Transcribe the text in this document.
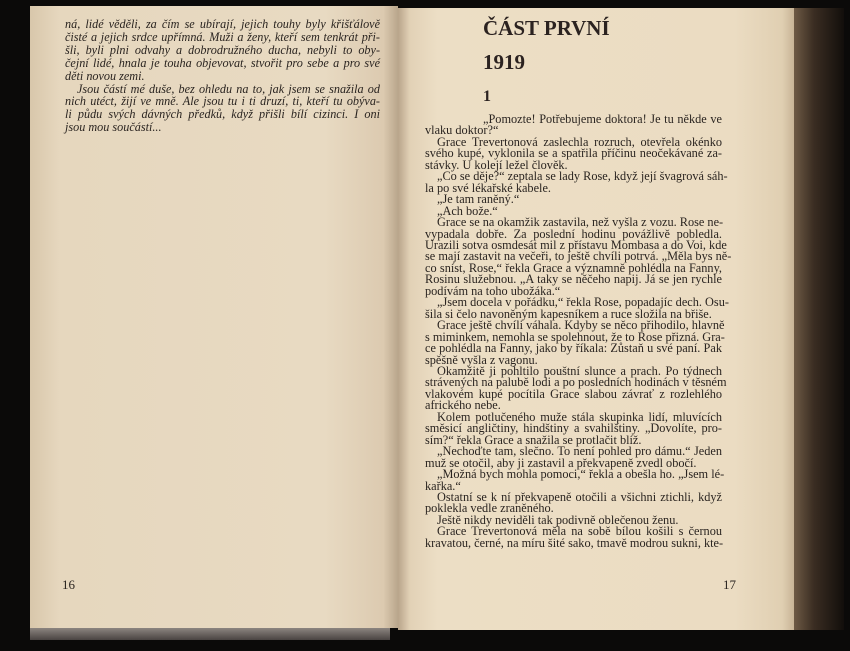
ná, lidé věděli, za čím se ubírají, jejich touhy byly křišťálově
čisté a jejich srdce upřímná. Muži a ženy, kteří sem tenkrát při-
šli, byli plni odvahy a dobrodružného ducha, nebyli to oby-
čejní lidé, hnala je touha objevovat, stvořit pro sebe a pro své
děti novou zemi.
Jsou částí mé duše, bez ohledu na to, jak jsem se snažila od
nich utéct, žijí ve mně. Ale jsou tu i ti druzí, ti, kteří tu obýva-
li půdu svých dávných předků, když přišli bílí cizinci. I oni
jsou mou součástí...
16
ČÁST PRVNÍ
1919
1
„Pomozte! Potřebujeme doktora! Je tu někde ve
vlaku doktor?“
Grace Trevertonová zaslechla rozruch, otevřela okénko
svého kupé, vyklonila se a spatřila příčinu neočekávané za-
stávky. U kolejí ležel člověk.
„Co se děje?“ zeptala se lady Rose, když její švagrová sáh-
la po své lékařské kabele.
„Je tam raněný.“
„Ach bože.“
Grace se na okamžik zastavila, než vyšla z vozu. Rose ne-
vypadala dobře. Za poslední hodinu povážlivě pobledla.
Urazili sotva osmdesát mil z přístavu Mombasa a do Voi, kde
se mají zastavit na večeři, to ještě chvíli potrvá. „Měla bys ně-
co sníst, Rose,“ řekla Grace a významně pohlédla na Fanny,
Rosinu služebnou. „A taky se něčeho napij. Já se jen rychle
podívám na toho ubožáka.“
„Jsem docela v pořádku,“ řekla Rose, popadajíc dech. Osu-
šila si čelo navoněným kapesníkem a ruce složila na břiše.
Grace ještě chvíli váhala. Kdyby se něco přihodilo, hlavně
s miminkem, nemohla se spolehnout, že to Rose přizná. Gra-
ce pohlédla na Fanny, jako by říkala: Zůstaň u své paní. Pak
spěšně vyšla z vagonu.
Okamžitě ji pohltilo pouštní slunce a prach. Po týdnech
strávených na palubě lodi a po posledních hodinách v těsném
vlakovém kupé pocítila Grace slabou závrať z rozlehlého
afrického nebe.
Kolem potlučeného muže stála skupinka lidí, mluvících
směsicí angličtiny, hindštiny a svahilštiny. „Dovolíte, pro-
sím?“ řekla Grace a snažila se protlačit blíž.
„Nechoďte tam, slečno. To není pohled pro dámu.“ Jeden
muž se otočil, aby ji zastavil a překvapeně zvedl obočí.
„Možná bych mohla pomoci,“ řekla a obešla ho. „Jsem lé-
kařka.“
Ostatní se k ní překvapeně otočili a všichni ztichli, když
poklekla vedle zraněného.
Ještě nikdy neviděli tak podivně oblečenou ženu.
Grace Trevertonová měla na sobě bílou košili s černou
kravatou, černé, na míru šité sako, tmavě modrou sukni, kte-
17
